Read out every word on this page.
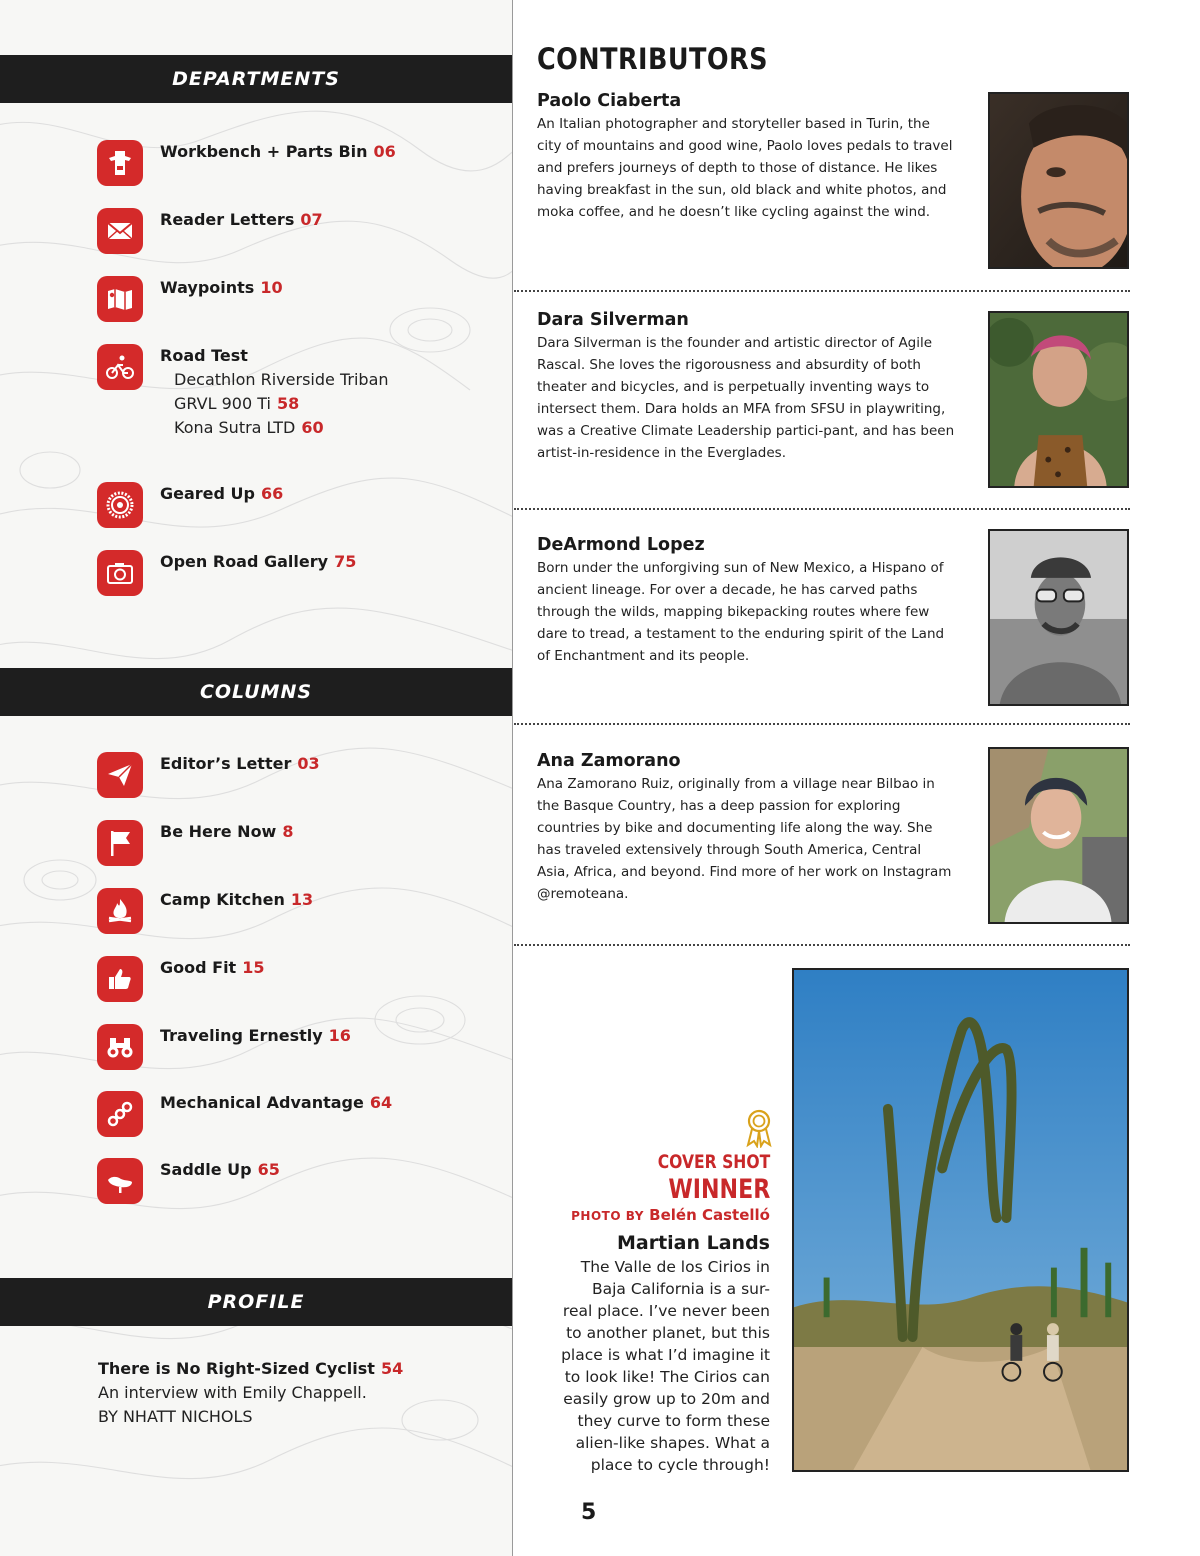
DEPARTMENTS
Workbench + Parts Bin 06
Reader Letters 07
Waypoints 10
Road Test
Decathlon Riverside Triban
GRVL 900 Ti 58
Kona Sutra LTD 60
Geared Up 66
Open Road Gallery 75
COLUMNS
Editor’s Letter 03
Be Here Now 8
Camp Kitchen 13
Good Fit 15
Traveling Ernestly 16
Mechanical Advantage 64
Saddle Up 65
PROFILE
There is No Right-Sized Cyclist 54
An interview with Emily Chappell.
BY NHATT NICHOLS
CONTRIBUTORS
Paolo Ciaberta
An Italian photographer and storyteller based in Turin, the city of mountains and good wine, Paolo loves pedals to travel and prefers journeys of depth to those of distance. He likes having breakfast in the sun, old black and white photos, and moka coffee, and he doesn’t like cycling against the wind.
Dara Silverman
Dara Silverman is the founder and artistic director of Agile Rascal. She loves the rigorousness and absurdity of both theater and bicycles, and is perpetually inventing ways to intersect them. Dara holds an MFA from SFSU in playwriting, was a Creative Climate Leadership partici-pant, and has been artist-in-residence in the Everglades.
DeArmond Lopez
Born under the unforgiving sun of New Mexico, a Hispano of ancient lineage. For over a decade, he has carved paths through the wilds, mapping bikepacking routes where few dare to tread, a testament to the enduring spirit of the Land of Enchantment and its people.
Ana Zamorano
Ana Zamorano Ruiz, originally from a village near Bilbao in the Basque Country, has a deep passion for exploring countries by bike and documenting life along the way. She has traveled extensively through South America, Central Asia, Africa, and beyond. Find more of her work on Instagram @remoteana.
COVER SHOT
WINNER
PHOTO BY Belén Castelló
Martian Lands
The Valle de los Cirios in
Baja California is a sur-
real place. I’ve never been
to another planet, but this
place is what I’d imagine it
to look like! The Cirios can
easily grow up to 20m and
they curve to form these
alien-like shapes. What a
place to cycle through!
5
